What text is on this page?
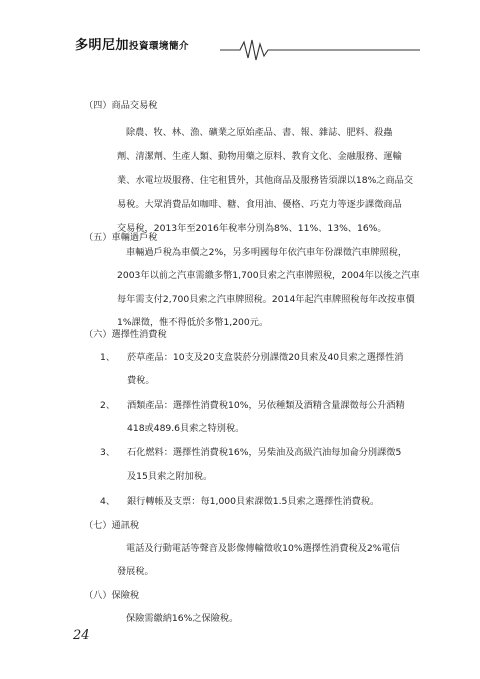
多明尼加投資環境簡介
（四）商品交易稅
除農、牧、林、漁、礦業之原始產品、書、報、雜誌、肥料、殺蟲
劑、清潔劑、生產人類、動物用藥之原料、教育文化、金融服務、運輸
業、水電垃圾服務、住宅租賃外，其他商品及服務皆須課以18%之商品交
易稅。大眾消費品如咖啡、糖、食用油、優格、巧克力等逐步課徵商品
交易稅，2013年至2016年稅率分別為8%、11%、13%、16%。
（五）車輛過戶稅
車輛過戶稅為車價之2%，另多明國每年依汽車年份課徵汽車牌照稅，
2003年以前之汽車需繳多幣1,700貝索之汽車牌照稅，2004年以後之汽車
每年需支付2,700貝索之汽車牌照稅。2014年起汽車牌照稅每年改按車價
1%課徵，惟不得低於多幣1,200元。
（六）選擇性消費稅
1、 菸草產品：10支及20支盒裝菸分別課徵20貝索及40貝索之選擇性消
費稅。
2、 酒類產品：選擇性消費稅10%，另依種類及酒精含量課徵每公升酒精
418或489.6貝索之特別稅。
3、 石化燃料：選擇性消費稅16%，另柴油及高級汽油每加侖分別課徵5
及15貝索之附加稅。
4、 銀行轉帳及支票：每1,000貝索課徵1.5貝索之選擇性消費稅。
（七）通訊稅
電話及行動電話等聲音及影像傳輸徵收10%選擇性消費稅及2%電信
發展稅。
（八）保險稅
保險需繳納16%之保險稅。
24
